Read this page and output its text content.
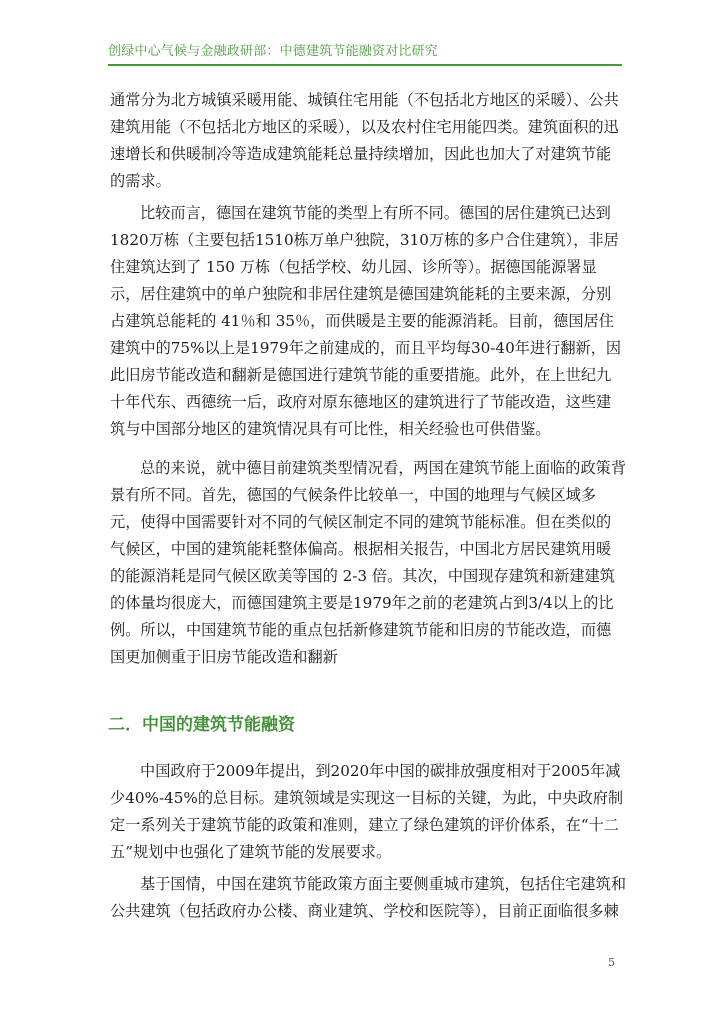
创绿中心气候与金融政研部：中德建筑节能融资对比研究

通常分为北方城镇采暖用能、城镇住宅用能（不包括北方地区的采暖）、公共建筑用能（不包括北方地区的采暖），以及农村住宅用能四类。建筑面积的迅速增长和供暖制冷等造成建筑能耗总量持续增加，因此也加大了对建筑节能的需求。

比较而言，德国在建筑节能的类型上有所不同。德国的居住建筑已达到1820万栋（主要包括1510栋万单户独院，310万栋的多户合住建筑），非居住建筑达到了 150 万栋（包括学校、幼儿园、诊所等）。据德国能源署显示，居住建筑中的单户独院和非居住建筑是德国建筑能耗的主要来源，分别占建筑总能耗的 41％和 35％，而供暖是主要的能源消耗。目前，德国居住建筑中的75%以上是1979年之前建成的，而且平均每30-40年进行翻新，因此旧房节能改造和翻新是德国进行建筑节能的重要措施。此外，在上世纪九十年代东、西德统一后，政府对原东德地区的建筑进行了节能改造，这些建筑与中国部分地区的建筑情况具有可比性，相关经验也可供借鉴。

总的来说，就中德目前建筑类型情况看，两国在建筑节能上面临的政策背景有所不同。首先，德国的气候条件比较单一，中国的地理与气候区域多元，使得中国需要针对不同的气候区制定不同的建筑节能标准。但在类似的气候区，中国的建筑能耗整体偏高。根据相关报告，中国北方居民建筑用暖的能源消耗是同气候区欧美等国的 2-3 倍。其次，中国现存建筑和新建建筑的体量均很庞大，而德国建筑主要是1979年之前的老建筑占到3/4以上的比例。所以，中国建筑节能的重点包括新修建筑节能和旧房的节能改造，而德国更加侧重于旧房节能改造和翻新

二．中国的建筑节能融资

中国政府于2009年提出，到2020年中国的碳排放强度相对于2005年减少40%-45%的总目标。建筑领域是实现这一目标的关键，为此，中央政府制定一系列关于建筑节能的政策和准则，建立了绿色建筑的评价体系，在“十二五”规划中也强化了建筑节能的发展要求。

基于国情，中国在建筑节能政策方面主要侧重城市建筑，包括住宅建筑和公共建筑（包括政府办公楼、商业建筑、学校和医院等），目前正面临很多棘

5
